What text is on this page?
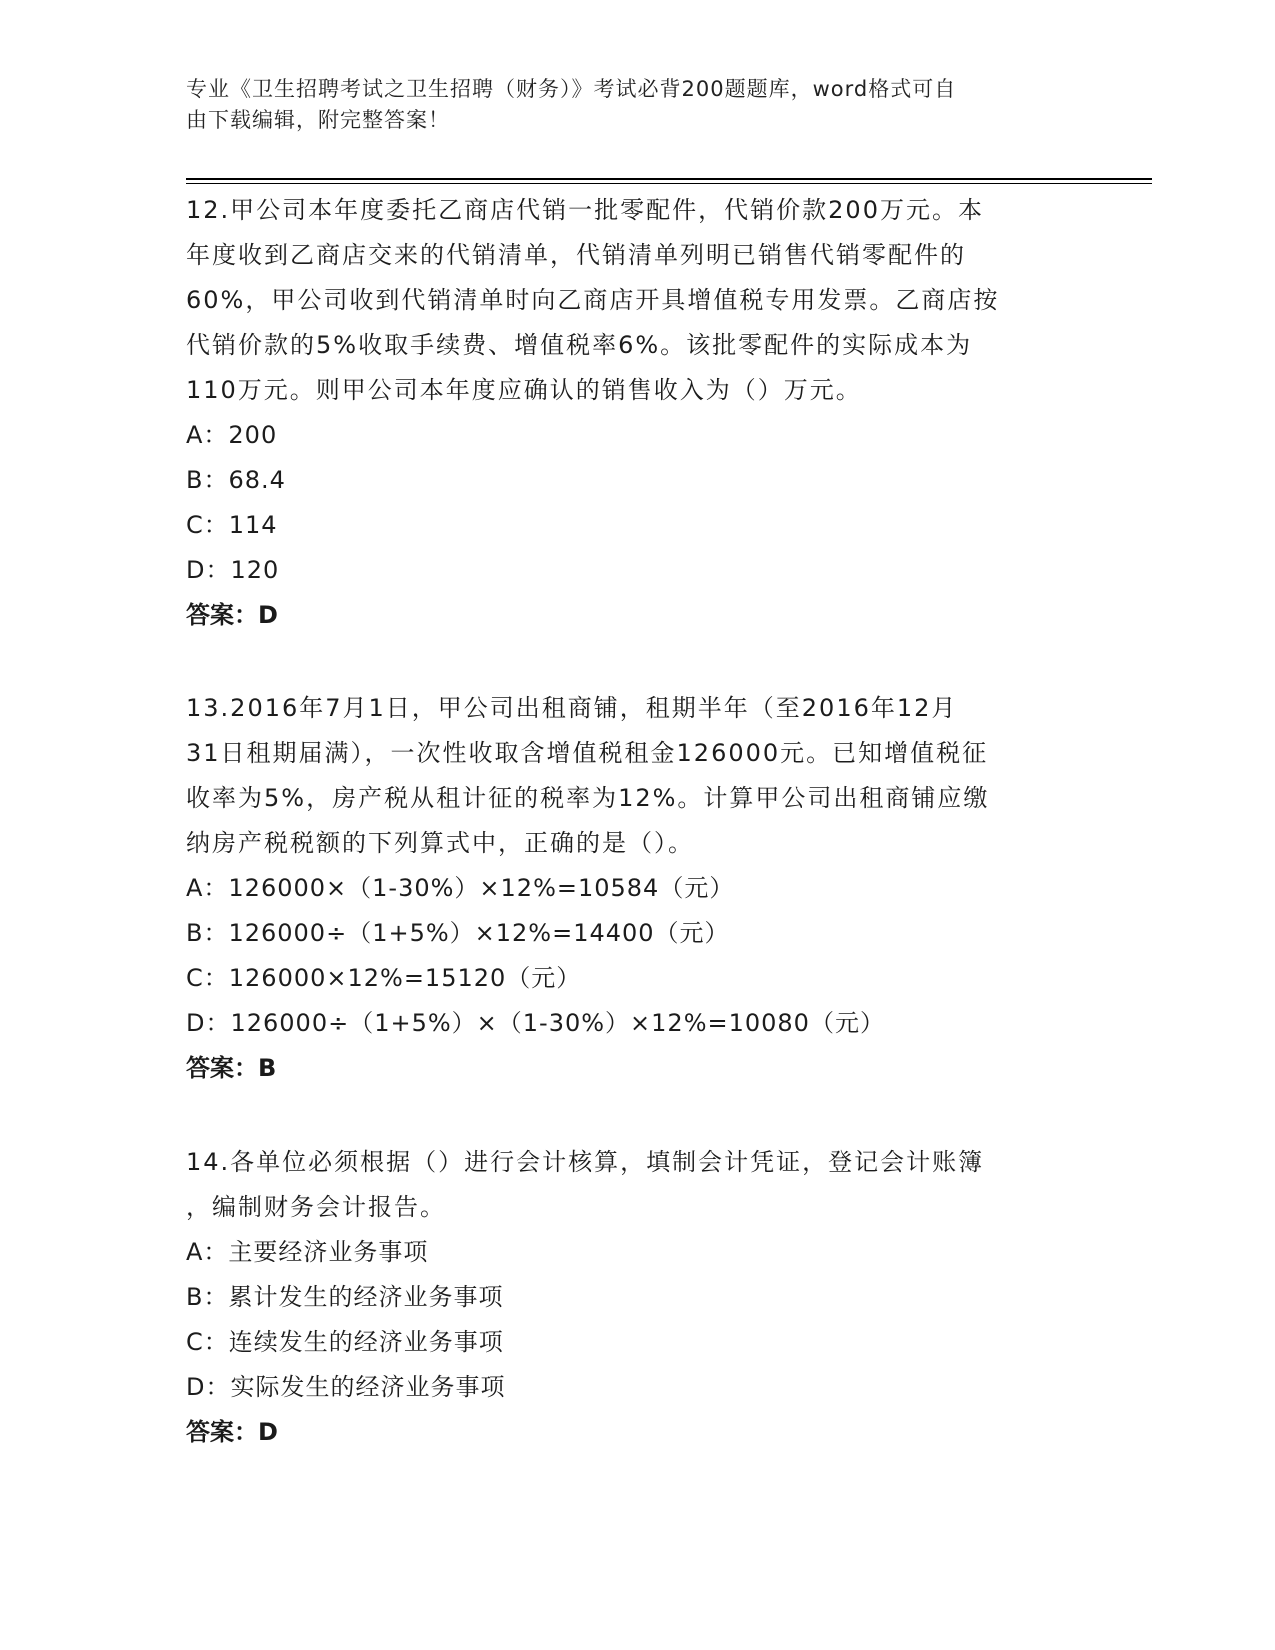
专业《卫生招聘考试之卫生招聘（财务）》考试必背200题题库，word格式可自
由下载编辑，附完整答案！
12.甲公司本年度委托乙商店代销一批零配件，代销价款200万元。本
年度收到乙商店交来的代销清单，代销清单列明已销售代销零配件的
60%，甲公司收到代销清单时向乙商店开具增值税专用发票。乙商店按
代销价款的5%收取手续费、增值税率6%。该批零配件的实际成本为
110万元。则甲公司本年度应确认的销售收入为（）万元。
A：200
B：68.4
C：114
D：120
答案：D
13.2016年7月1日，甲公司出租商铺，租期半年（至2016年12月
31日租期届满），一次性收取含增值税租金126000元。已知增值税征
收率为5%，房产税从租计征的税率为12%。计算甲公司出租商铺应缴
纳房产税税额的下列算式中，正确的是（）。
A：126000×（1-30%）×12%=10584（元）
B：126000÷（1+5%）×12%=14400（元）
C：126000×12%=15120（元）
D：126000÷（1+5%）×（1-30%）×12%=10080（元）
答案：B
14.各单位必须根据（）进行会计核算，填制会计凭证，登记会计账簿
，编制财务会计报告。
A：主要经济业务事项
B：累计发生的经济业务事项
C：连续发生的经济业务事项
D：实际发生的经济业务事项
答案：D
